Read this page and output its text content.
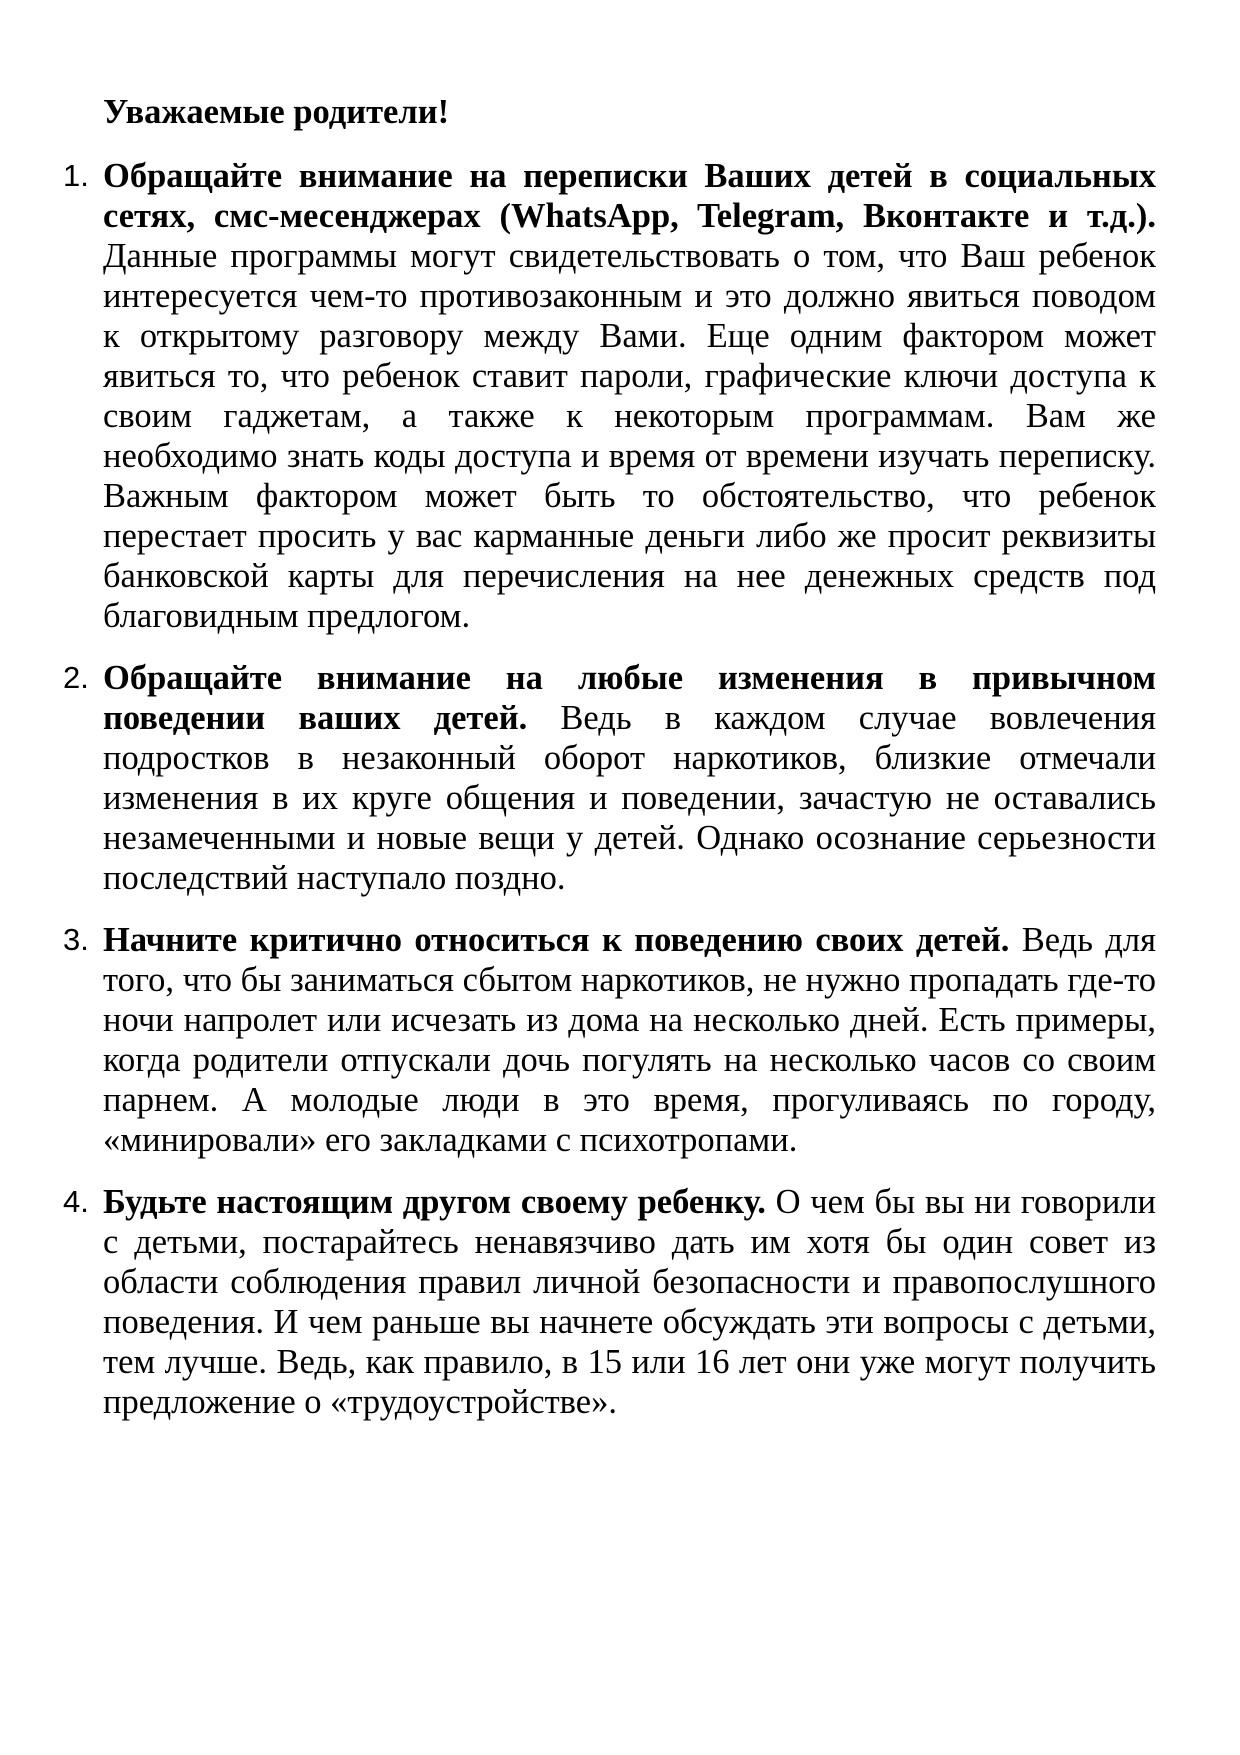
Уважаемые родители!
1. Обращайте внимание на переписки Ваших детей в социальных сетях, смс-месенджерах (WhatsApp, Telegram, Вконтакте и т.д.). Данные программы могут свидетельствовать о том, что Ваш ребенок интересуется чем-то противозаконным и это должно явиться поводом к открытому разговору между Вами. Еще одним фактором может явиться то, что ребенок ставит пароли, графические ключи доступа к своим гаджетам, а также к некоторым программам. Вам же необходимо знать коды доступа и время от времени изучать переписку. Важным фактором может быть то обстоятельство, что ребенок перестает просить у вас карманные деньги либо же просит реквизиты банковской карты для перечисления на нее денежных средств под благовидным предлогом.
2. Обращайте внимание на любые изменения в привычном поведении ваших детей. Ведь в каждом случае вовлечения подростков в незаконный оборот наркотиков, близкие отмечали изменения в их круге общения и поведении, зачастую не оставались незамеченными и новые вещи у детей. Однако осознание серьезности последствий наступало поздно.
3. Начните критично относиться к поведению своих детей. Ведь для того, что бы заниматься сбытом наркотиков, не нужно пропадать где-то ночи напролет или исчезать из дома на несколько дней. Есть примеры, когда родители отпускали дочь погулять на несколько часов со своим парнем. А молодые люди в это время, прогуливаясь по городу, «минировали» его закладками с психотропами.
4. Будьте настоящим другом своему ребенку. О чем бы вы ни говорили с детьми, постарайтесь ненавязчиво дать им хотя бы один совет из области соблюдения правил личной безопасности и правопослушного поведения. И чем раньше вы начнете обсуждать эти вопросы с детьми, тем лучше. Ведь, как правило, в 15 или 16 лет они уже могут получить предложение о «трудоустройстве».
